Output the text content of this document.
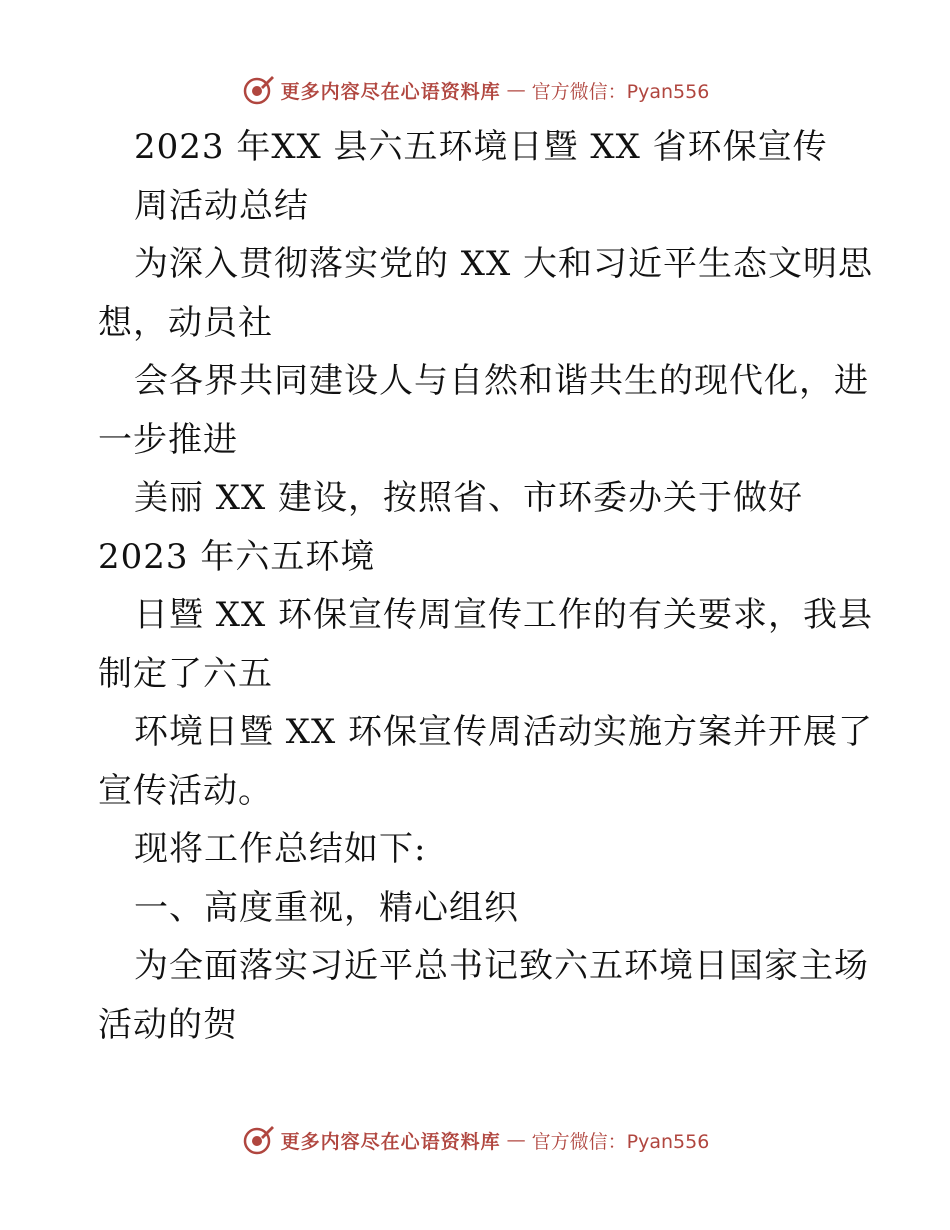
更多内容尽在心语资料库 — 官方微信：Pyan556
2023 年XX 县六五环境日暨 XX 省环保宣传
周活动总结
为深入贯彻落实党的 XX 大和习近平生态文明思
想，动员社
会各界共同建设人与自然和谐共生的现代化，进
一步推进
美丽 XX 建设，按照省、市环委办关于做好
2023 年六五环境
日暨 XX 环保宣传周宣传工作的有关要求，我县
制定了六五
环境日暨 XX 环保宣传周活动实施方案并开展了
宣传活动。
现将工作总结如下:
一、高度重视，精心组织
为全面落实习近平总书记致六五环境日国家主场
活动的贺
更多内容尽在心语资料库 — 官方微信：Pyan556
